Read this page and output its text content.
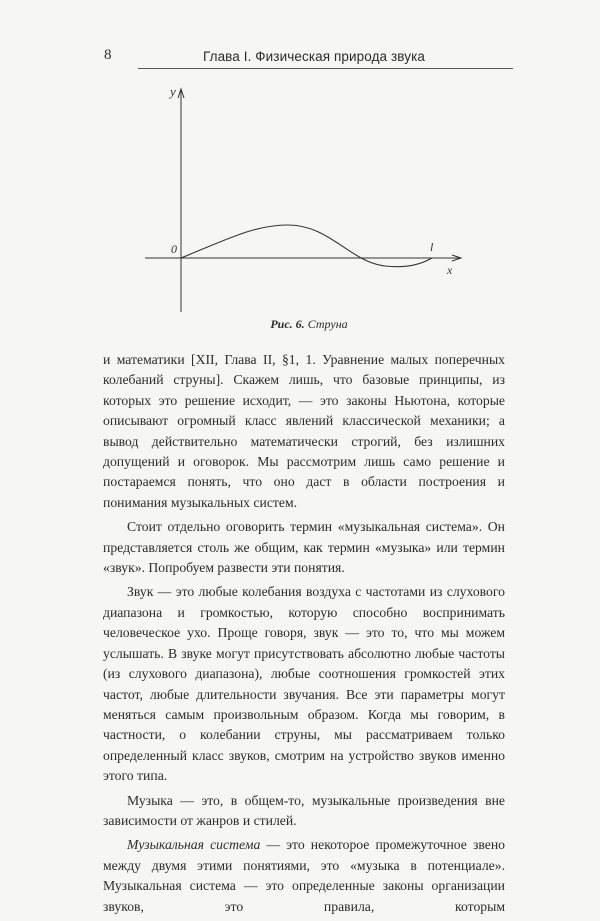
8	Глава I. Физическая природа звука
y
0	l
x
Рис. 6. Струна

и математики [XII, Глава II, §1, 1. Уравнение малых поперечных колебаний струны]. Скажем лишь, что базовые принципы, из которых это решение исходит, — это законы Ньютона, которые описывают огромный класс явлений классической механики; а вывод действительно математически строгий, без излишних допущений и оговорок. Мы рассмотрим лишь само решение и постараемся понять, что оно даст в области построения и понимания музыкальных систем.

Стоит отдельно оговорить термин «музыкальная система». Он представляется столь же общим, как термин «музыка» или термин «звук». Попробуем развести эти понятия.

Звук — это любые колебания воздуха с частотами из слухового диапазона и громкостью, которую способно воспринимать человеческое ухо. Проще говоря, звук — это то, что мы можем услышать. В звуке могут присутствовать абсолютно любые частоты (из слухового диапазона), любые соотношения громкостей этих частот, любые длительности звучания. Все эти параметры могут меняться самым произвольным образом. Когда мы говорим, в частности, о колебании струны, мы рассматриваем только определенный класс звуков, смотрим на устройство звуков именно этого типа.

Музыка — это, в общем-то, музыкальные произведения вне зависимости от жанров и стилей.

Музыкальная система — это некоторое промежуточное звено между двумя этими понятиями, это «музыка в потенциале». Музыкальная система — это определенные законы организации звуков, это правила, которым
